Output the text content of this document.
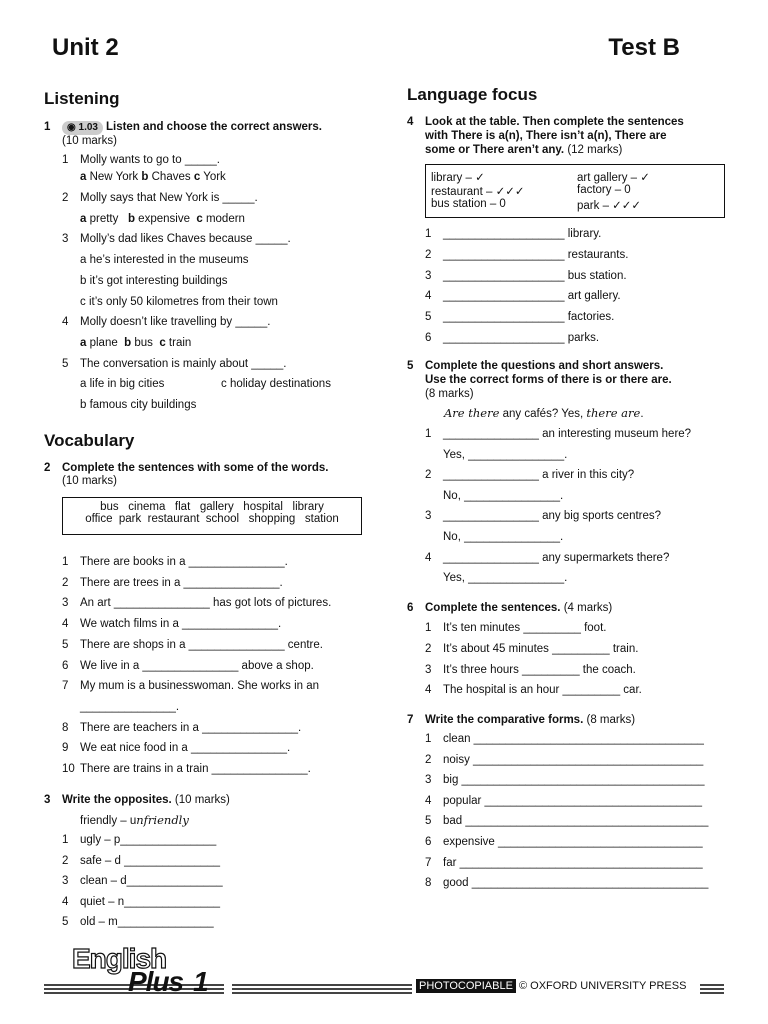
Unit 2	Test B
Listening
1 ◉ 1.03 Listen and choose the correct answers.
(10 marks)
1 Molly wants to go to _____.
a New York b Chaves c York
2 Molly says that New York is _____.
a pretty   b expensive  c modern
3 Molly’s dad likes Chaves because _____.
a he’s interested in the museums
b it’s got interesting buildings
c it’s only 50 kilometres from their town
4 Molly doesn’t like travelling by _____.
a plane  b bus  c train
5 The conversation is mainly about _____.
a life in big cities	c holiday destinations
b famous city buildings
Vocabulary
2 Complete the sentences with some of the words.
(10 marks)
bus   cinema   flat   gallery   hospital   library
office  park  restaurant  school   shopping   station
1 There are books in a _______________.
2 There are trees in a _______________.
3 An art _______________ has got lots of pictures.
4 We watch films in a _______________.
5 There are shops in a _______________ centre.
6 We live in a _______________ above a shop.
7 My mum is a businesswoman. She works in an
_______________.
8 There are teachers in a _______________.
9 We eat nice food in a _______________.
10 There are trains in a train _______________.
3 Write the opposites. (10 marks)
friendly – unfriendly
1 ugly – p_______________
2 safe – d _______________
3 clean – d_______________
4 quiet – n_______________
5 old – m_______________
Language focus
4 Look at the table. Then complete the sentences
with There is a(n), There isn’t a(n), There are
some or There aren’t any. (12 marks)
library – ✓	art gallery – ✓
restaurant – ✓✓✓	factory – 0
bus station – 0	park – ✓✓✓
1 ___________________ library.
2 ___________________ restaurants.
3 ___________________ bus station.
4 ___________________ art gallery.
5 ___________________ factories.
6 ___________________ parks.
5 Complete the questions and short answers.
Use the correct forms of there is or there are.
(8 marks)
Are there any cafés? Yes, there are.
1 _______________ an interesting museum here?
Yes, _______________.
2 _______________ a river in this city?
No, _______________.
3 _______________ any big sports centres?
No, _______________.
4 _______________ any supermarkets there?
Yes, _______________.
6 Complete the sentences. (4 marks)
1 It’s ten minutes _________ foot.
2 It’s about 45 minutes _________ train.
3 It’s three hours _________ the coach.
4 The hospital is an hour _________ car.
7 Write the comparative forms. (8 marks)
1 clean ____________________________________
2 noisy ____________________________________
3 big ______________________________________
4 popular __________________________________
5 bad ______________________________________
6 expensive ________________________________
7 far ______________________________________
8 good _____________________________________
English
Plus 1	PHOTOCOPIABLE © OXFORD UNIVERSITY PRESS
